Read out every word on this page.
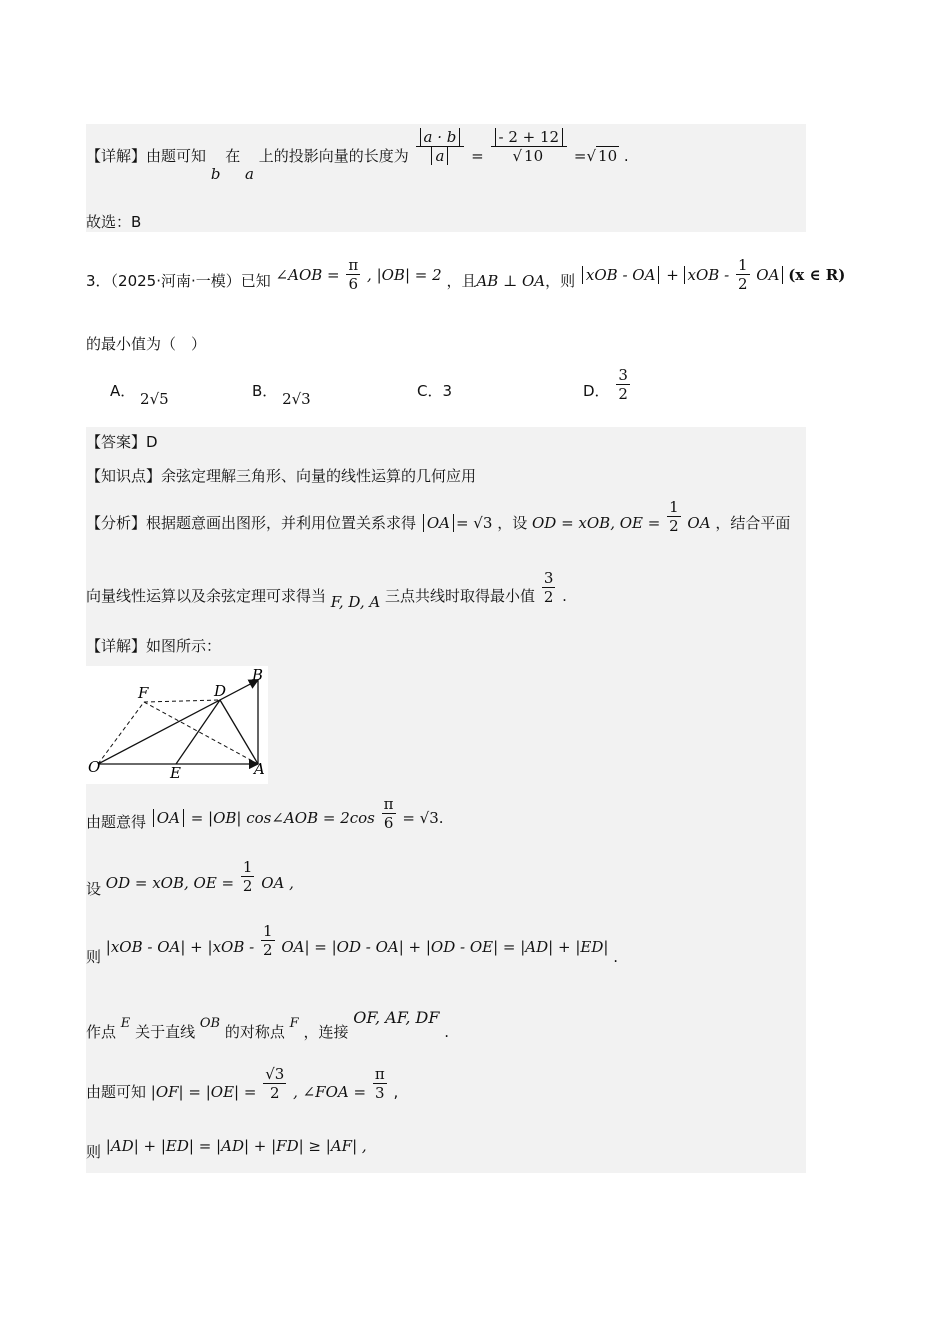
【详解】由题可知 b 在 a 上的投影向量的长度为 $\frac{a \cdot b}{a} = \frac{- 2 + 12}{√ 10}$ =√ 10 .
故选：B
3．（2025·河南·一模）已知 ∠AOB = $\frac{\pi}{6}$ , |OB| = 2 ，且AB ⊥ OA，则 xOB - OA + xOB - $\frac{1}{2}$ OA (x ∈ R)
的最小值为（　）
A． 2√5	B． 2√3	C．3	D． $\frac{3}{2}$
【答案】D
【知识点】余弦定理解三角形、向量的线性运算的几何应用
【分析】根据题意画出图形，并利用位置关系求得 OA = √3 ，设 OD = xOB, OE = $\frac{1}{2}$ OA ，结合平面
向量线性运算以及余弦定理可求得当 F, D, A 三点共线时取得最小值 $\frac{3}{2}$ .
【详解】如图所示：
F	D
B
O	E	A
由题意得 OA = |OB| cos∠AOB = $2\cos \frac{\pi}{6} = √3$.
设 OD = xOB, OE = $\frac{1}{2}$ OA ,
则 $|xOB - OA| + |xOB - \frac{1}{2} OA| = |OD - OA| + |OD - OE| = |AD| + |ED|$ .
作点 E 关于直线 OB 的对称点 F ，连接 OF, AF, DF .
由题可知 $|OF| = |OE| = \frac{√3}{2}$ , ∠FOA = $\frac{\pi}{3}$ ,
则 |AD| + |ED| = |AD| + |FD| ≥ |AF| ,
